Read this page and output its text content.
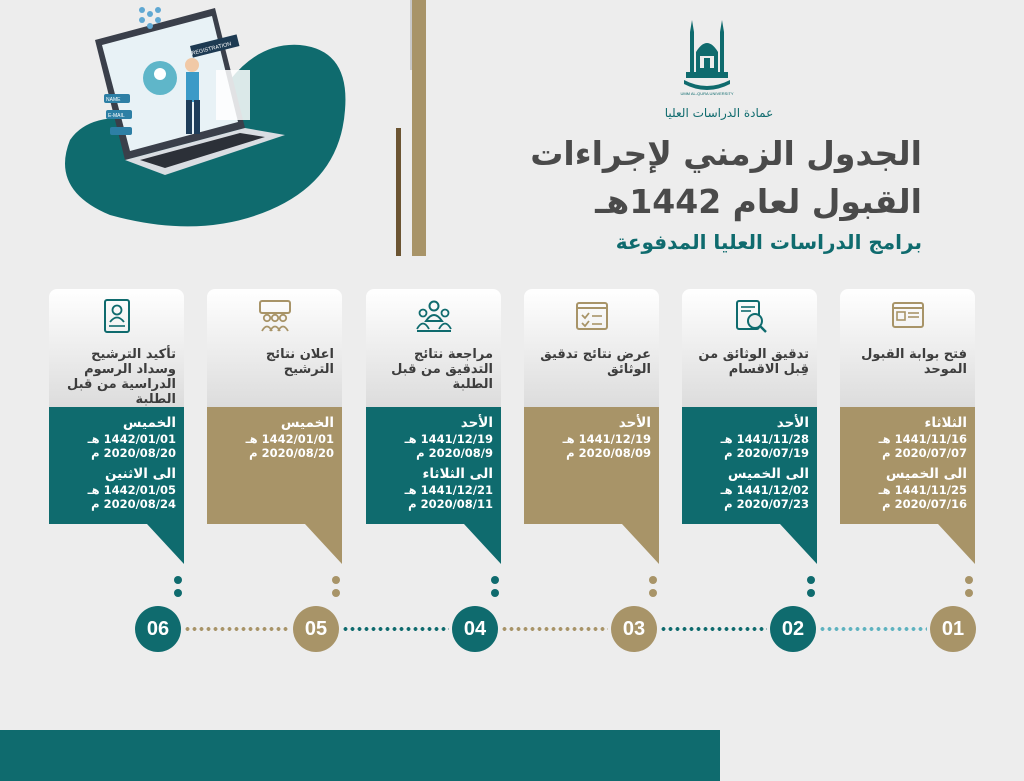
REGISTRATION
NAME
E-MAIL
UMM AL-QURA UNIVERSITY
عمادة الدراسات العليا
الجدول الزمني لإجراءات
القبول لعام 1442هـ
برامج الدراسات العليا المدفوعة
فتح بوابة القبول الموحد
الثلاثاء
1441/11/16 هـ
2020/07/07 م
الى الخميس
1441/11/25 هـ
2020/07/16 م
تدقيق الوثائق من قِبل الاقسام
الأحد
1441/11/28 هـ
2020/07/19 م
الى الخميس
1441/12/02 هـ
2020/07/23 م
عرض نتائج تدقيق الوثائق
الأحد
1441/12/19 هـ
2020/08/09 م
مراجعة نتائج التدقيق من قبل الطلبة
الأحد
1441/12/19 هـ
2020/08/9 م
الى الثلاثاء
1441/12/21 هـ
2020/08/11 م
اعلان نتائج الترشيح
الخميس
1442/01/01 هـ
2020/08/20 م
تأكيد الترشيح وسداد الرسوم الدراسية من قبل الطلبة
الخميس
1442/01/01 هـ
2020/08/20 م
الى الاثنين
1442/01/05 هـ
2020/08/24 م
01
02
03
04
05
06
